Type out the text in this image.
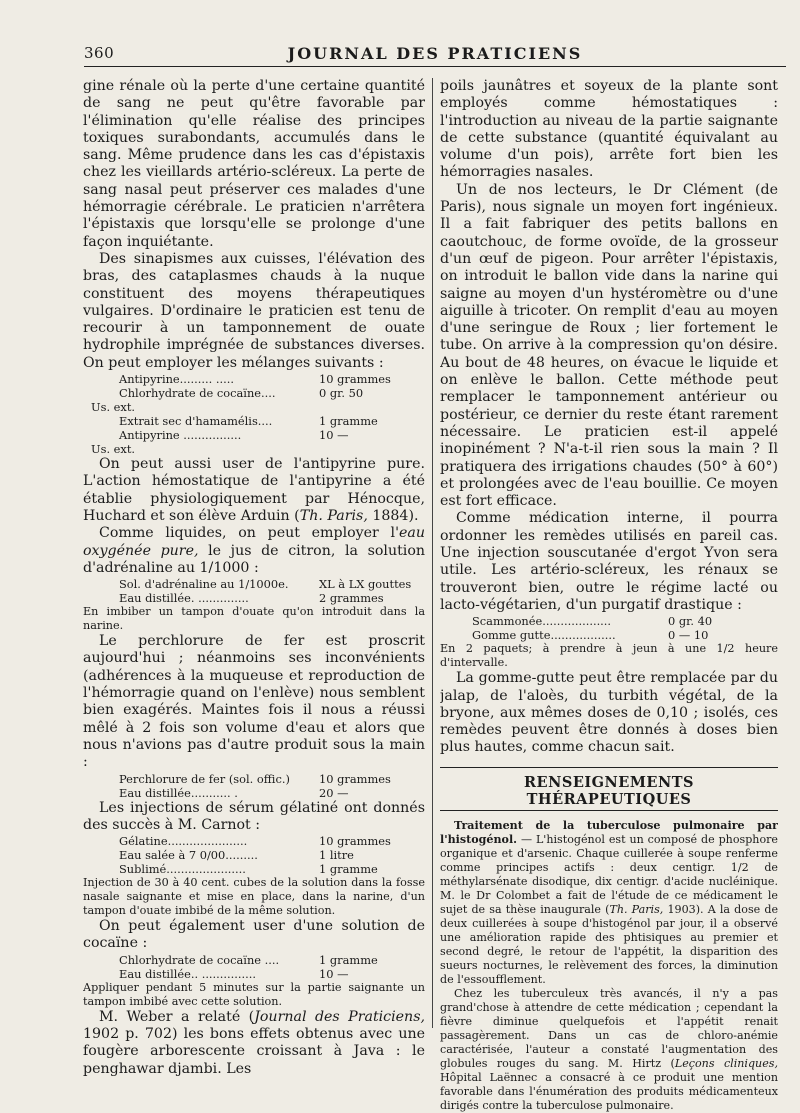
360	JOURNAL DES PRATICIENS

gine rénale où la perte d'une certaine quantité de sang ne peut qu'être favorable par l'élimination qu'elle réalise des principes toxiques surabondants, accumulés dans le sang. Même prudence dans les cas d'épistaxis chez les vieillards artério-scléreux. La perte de sang nasal peut préserver ces malades d'une hémorragie cérébrale. Le praticien n'arrêtera l'épistaxis que lorsqu'elle se prolonge d'une façon inquiétante.

Des sinapismes aux cuisses, l'élévation des bras, des cataplasmes chauds à la nuque constituent des moyens thérapeutiques vulgaires. D'ordinaire le praticien est tenu de recourir à un tamponnement de ouate hydrophile imprégnée de substances diverses. On peut employer les mélanges suivants :

Antipyrine......... .....	10 grammes
Chlorhydrate de cocaïne....	0 gr. 50

Us. ext.

Extrait sec d'hamamélis....	1 gramme
Antipyrine ................	10 —

Us. ext.

On peut aussi user de l'antipyrine pure. L'action hémostatique de l'antipyrine a été établie physiologiquement par Hénocque, Huchard et son élève Arduin (Th. Paris, 1884).

Comme liquides, on peut employer l'eau oxygénée pure, le jus de citron, la solution d'adrénaline au 1/1000 :

Sol. d'adrénaline au 1/1000e.	XL à LX gouttes
Eau distillée. ..............	2 grammes

En imbiber un tampon d'ouate qu'on introduit dans la narine.

Le perchlorure de fer est proscrit aujourd'hui ; néanmoins ses inconvénients (adhérences à la muqueuse et reproduction de l'hémorragie quand on l'enlève) nous semblent bien exagérés. Maintes fois il nous a réussi mêlé à 2 fois son volume d'eau et alors que nous n'avions pas d'autre produit sous la main :

Perchlorure de fer (sol. offic.)	10 grammes
Eau distillée........... .	20 —

Les injections de sérum gélatiné ont donnés des succès à M. Carnot :

Gélatine......................	10 grammes
Eau salée à 7 0/00.........	1 litre
Sublimé......................	1 gramme

Injection de 30 à 40 cent. cubes de la solution dans la fosse nasale saignante et mise en place, dans la narine, d'un tampon d'ouate imbibé de la même solution.

On peut également user d'une solution de cocaïne :

Chlorhydrate de cocaïne ....	1 gramme
Eau distillée.. ...............	10 —

Appliquer pendant 5 minutes sur la partie saignante un tampon imbibé avec cette solution.

M. Weber a relaté (Journal des Praticiens, 1902 p. 702) les bons effets obtenus avec une fougère arborescente croissant à Java : le penghawar djambi. Les

poils jaunâtres et soyeux de la plante sont employés comme hémostatiques : l'introduction au niveau de la partie saignante de cette substance (quantité équivalant au volume d'un pois), arrête fort bien les hémorragies nasales.

Un de nos lecteurs, le Dr Clément (de Paris), nous signale un moyen fort ingénieux. Il a fait fabriquer des petits ballons en caoutchouc, de forme ovoïde, de la grosseur d'un œuf de pigeon. Pour arrêter l'épistaxis, on introduit le ballon vide dans la narine qui saigne au moyen d'un hystéromètre ou d'une aiguille à tricoter. On remplit d'eau au moyen d'une seringue de Roux ; lier fortement le tube. On arrive à la compression qu'on désire. Au bout de 48 heures, on évacue le liquide et on enlève le ballon. Cette méthode peut remplacer le tamponnement antérieur ou postérieur, ce dernier du reste étant rarement nécessaire. Le praticien est-il appelé inopinément ? N'a-t-il rien sous la main ? Il pratiquera des irrigations chaudes (50° à 60°) et prolongées avec de l'eau bouillie. Ce moyen est fort efficace.

Comme médication interne, il pourra ordonner les remèdes utilisés en pareil cas. Une injection souscutanée d'ergot Yvon sera utile. Les artério-scléreux, les rénaux se trouveront bien, outre le régime lacté ou lacto-végétarien, d'un purgatif drastique :

Scammonée...................	0 gr. 40
Gomme gutte..................	0 — 10

En 2 paquets; à prendre à jeun à une 1/2 heure d'intervalle.

La gomme-gutte peut être remplacée par du jalap, de l'aloès, du turbith végétal, de la bryone, aux mêmes doses de 0,10 ; isolés, ces remèdes peuvent être donnés à doses bien plus hautes, comme chacun sait.

RENSEIGNEMENTS THÉRAPEUTIQUES

Traitement de la tuberculose pulmonaire par l'histogénol. — L'histogénol est un composé de phosphore organique et d'arsenic. Chaque cuillerée à soupe renferme comme principes actifs : deux centigr. 1/2 de méthylarsénate disodique, dix centigr. d'acide nucléinique. M. le Dr Colombet a fait de l'étude de ce médicament le sujet de sa thèse inaugurale (Th. Paris, 1903). A la dose de deux cuillerées à soupe d'histogénol par jour, il a observé une amélioration rapide des phtisiques au premier et second degré, le retour de l'appétit, la disparition des sueurs nocturnes, le relèvement des forces, la diminution de l'essoufflement.

Chez les tuberculeux très avancés, il n'y a pas grand'chose à attendre de cette médication ; cependant la fièvre diminue quelquefois et l'appétit renait passagèrement. Dans un cas de chloro-anémie caractérisée, l'auteur a constaté l'augmentation des globules rouges du sang. M. Hirtz (Leçons cliniques, Hôpital Laënnec a consacré à ce produit une mention favorable dans l'énumération des produits médicamenteux dirigés contre la tuberculose pulmonaire.
